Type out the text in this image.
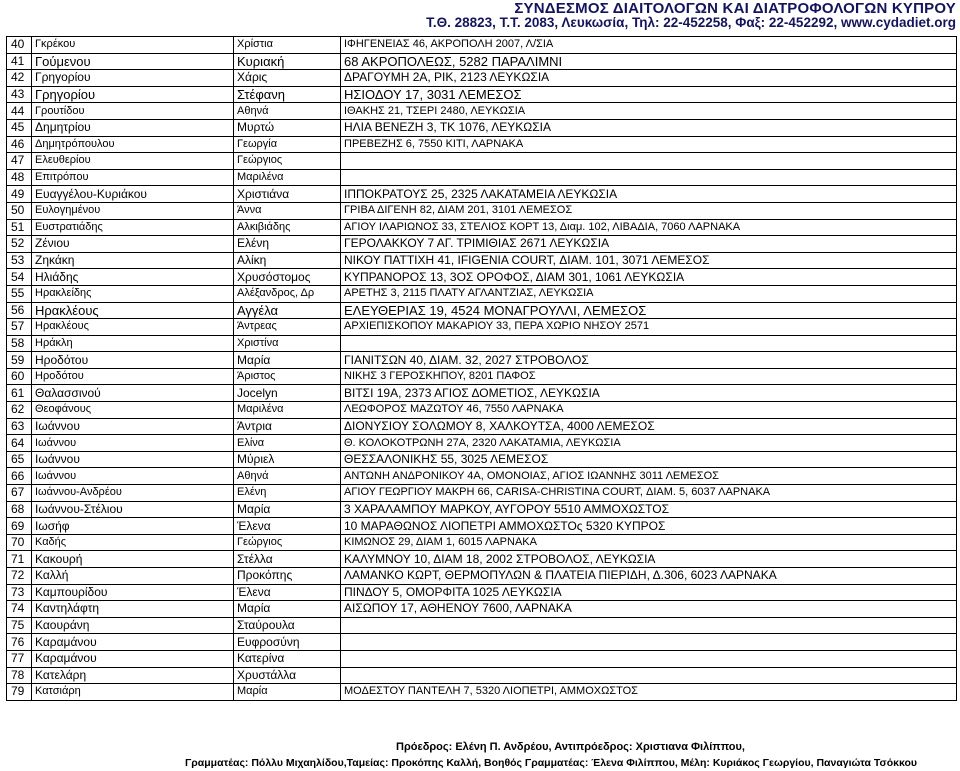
ΣΥΝΔΕΣΜΟΣ ΔΙΑΙΤΟΛΟΓΩΝ ΚΑΙ ΔΙΑΤΡΟΦΟΛΟΓΩΝ ΚΥΠΡΟΥ
Τ.Θ. 28823, Τ.Τ. 2083, Λευκωσία, Τηλ: 22-452258, Φαξ: 22-452292, www.cydadiet.org
40	Γκρέκου	Χρίστια	ΙΦΗΓΕΝΕΙΑΣ 46, ΑΚΡΟΠΟΛΗ 2007, Λ/ΣΙΑ
41	Γούμενου	Κυριακή	68 ΑΚΡΟΠΟΛΕΩΣ, 5282 ΠΑΡΑΛΙΜΝΙ
42	Γρηγορίου	Χάρις	ΔΡΑΓΟΥΜΗ 2Α, ΡΙΚ, 2123 ΛΕΥΚΩΣΙΑ
43	Γρηγορίου	Στέφανη	ΗΣΙΟΔΟΥ 17, 3031 ΛΕΜΕΣΟΣ
44	Γρουτίδου	Αθηνά	ΙΘΑΚΗΣ 21, ΤΣΕΡΙ 2480, ΛΕΥΚΩΣΙΑ
45	Δημητρίου	Μυρτώ	ΗΛΙΑ ΒΕΝΕΖΗ 3, ΤΚ 1076, ΛΕΥΚΩΣΙΑ
46	Δημητρόπουλου	Γεωργία	ΠΡΕΒΕΖΗΣ 6, 7550 ΚΙΤΙ, ΛΑΡΝΑΚΑ
47	Ελευθερίου	Γεώργιος	
48	Επιτρόπου	Μαριλένα	
49	Ευαγγέλου-Κυριάκου	Χριστιάνα	ΙΠΠΟΚΡΑΤΟΥΣ 25, 2325 ΛΑΚΑΤΑΜΕΙΑ ΛΕΥΚΩΣΙΑ
50	Ευλογημένου	Άννα	ΓΡΙΒΑ ΔΙΓΕΝΗ 82, ΔΙΑΜ 201, 3101 ΛΕΜΕΣΟΣ
51	Ευστρατιάδης	Αλκιβιάδης	ΑΓΙΟΥ ΙΛΑΡΙΩΝΟΣ 33, ΣΤΕΛΙΟΣ ΚΟΡΤ 13, Διαμ. 102, ΛΙΒΑΔΙΑ, 7060 ΛΑΡΝΑΚΑ
52	Ζένιου	Ελένη	ΓΕΡΟΛΑΚΚΟΥ 7 ΑΓ. ΤΡΙΜΙΘΙΑΣ 2671 ΛΕΥΚΩΣΙΑ
53	Ζηκάκη	Αλίκη	ΝΙΚΟΥ ΠΑΤΤΙΧΗ 41, IFIGENIA COURT, ΔΙΑΜ. 101, 3071 ΛΕΜΕΣΟΣ
54	Ηλιάδης	Χρυσόστομος	ΚΥΠΡΑΝΟΡΟΣ 13, 3ΟΣ ΟΡΟΦΟΣ, ΔΙΑΜ 301, 1061 ΛΕΥΚΩΣΙΑ
55	Ηρακλείδης	Αλέξανδρος, Δρ	ΑΡΕΤΗΣ 3, 2115 ΠΛΑΤΥ ΑΓΛΑΝΤΖΙΑΣ, ΛΕΥΚΩΣΙΑ
56	Ηρακλέους	Αγγέλα	ΕΛΕΥΘΕΡΙΑΣ 19, 4524 ΜΟΝΑΓΡΟΥΛΛΙ, ΛΕΜΕΣΟΣ
57	Ηρακλέους	Άντρεας	ΑΡΧΙΕΠΙΣΚΟΠΟΥ ΜΑΚΑΡΙΟΥ 33, ΠΕΡΑ ΧΩΡΙΟ ΝΗΣΟΥ 2571
58	Ηράκλη	Χριστίνα	
59	Ηροδότου	Μαρία	ΓΙΑΝΙΤΣΩΝ 40, ΔΙΑΜ. 32, 2027 ΣΤΡΟΒΟΛΟΣ
60	Ηροδότου	Άριστος	ΝΙΚΗΣ 3 ΓΕΡΟΣΚΗΠΟΥ, 8201 ΠΑΦΟΣ
61	Θαλασσινού	Jocelyn	ΒΙΤΣΙ 19Α, 2373 ΑΓΙΟΣ ΔΟΜΕΤΙΟΣ, ΛΕΥΚΩΣΙΑ
62	Θεοφάνους	Μαριλένα	ΛΕΩΦΟΡΟΣ ΜΑΖΩΤΟΥ 46, 7550 ΛΑΡΝΑΚΑ
63	Ιωάννου	Άντρια	ΔΙΟΝΥΣΙΟΥ ΣΟΛΩΜΟΥ 8, ΧΑΛΚΟΥΤΣΑ, 4000 ΛΕΜΕΣΟΣ
64	Ιωάννου	Ελίνα	Θ. ΚΟΛΟΚΟΤΡΩΝΗ 27Α, 2320 ΛΑΚΑΤΑΜΙΑ, ΛΕΥΚΩΣΙΑ
65	Ιωάννου	Μύριελ	ΘΕΣΣΑΛΟΝΙΚΗΣ 55, 3025 ΛΕΜΕΣΟΣ
66	Ιωάννου	Αθηνά	ΑΝΤΩΝΗ ΑΝΔΡΟΝΙΚΟΥ 4Α, ΟΜΟΝΟΙΑΣ, ΑΓΙΟΣ ΙΩΑΝΝΗΣ 3011 ΛΕΜΕΣΟΣ
67	Ιωάννου-Ανδρέου	Ελένη	ΑΓΙΟΥ ΓΕΩΡΓΙΟΥ ΜΑΚΡΗ 66, CARISA-CHRISTINA COURT, ΔΙΑΜ. 5, 6037 ΛΑΡΝΑΚΑ
68	Ιωάννου-Στέλιου	Μαρία	3 ΧΑΡΑΛΑΜΠΟΥ ΜΑΡΚΟΥ, ΑΥΓΟΡΟΥ 5510 ΑΜΜΟΧΩΣΤΟΣ
69	Ιωσήφ	Έλενα	10 ΜΑΡΑΘΩΝΟΣ ΛΙΟΠΕΤΡΙ ΑΜΜΟΧΩΣΤΟς 5320 ΚΥΠΡΟΣ
70	Καδής	Γεώργιος	ΚΙΜΩΝΟΣ 29, ΔΙΑΜ 1, 6015 ΛΑΡΝΑΚΑ
71	Κακουρή	Στέλλα	ΚΑΛΥΜΝΟΥ 10, ΔΙΑΜ 18, 2002 ΣΤΡΟΒΟΛΟΣ, ΛΕΥΚΩΣΙΑ
72	Καλλή	Προκόπης	ΛΑΜΑΝΚΟ ΚΩΡΤ, ΘΕΡΜΟΠΥΛΩΝ & ΠΛΑΤΕΙΑ ΠΙΕΡΙΔΗ, Δ.306, 6023 ΛΑΡΝΑΚΑ
73	Καμπουρίδου	Έλενα	ΠΙΝΔΟΥ 5, ΟΜΟΡΦΙΤΑ 1025 ΛΕΥΚΩΣΙΑ
74	Καντηλάφτη	Μαρία	ΑΙΣΩΠΟΥ 17, ΑΘΗΕΝΟΥ 7600, ΛΑΡΝΑΚΑ
75	Καουράνη	Σταύρουλα	
76	Καραμάνου	Ευφροσύνη	
77	Καραμάνου	Κατερίνα	
78	Κατελάρη	Χρυστάλλα	
79	Κατσιάρη	Μαρία	ΜΟΔΕΣΤΟΥ ΠΑΝΤΕΛΗ 7, 5320 ΛΙΟΠΕΤΡΙ, ΑΜΜΟΧΩΣΤΟΣ
Πρόεδρος: Ελένη Π. Ανδρέου, Αντιπρόεδρος: Χριστιανα Φιλίππου,
Γραμματέας: Πόλλυ Μιχαηλίδου,Ταμείας: Προκόπης Καλλή, Βοηθός Γραμματέας: Έλενα Φιλίππου, Μέλη: Κυριάκος Γεωργίου, Παναγιώτα Τσόκκου
